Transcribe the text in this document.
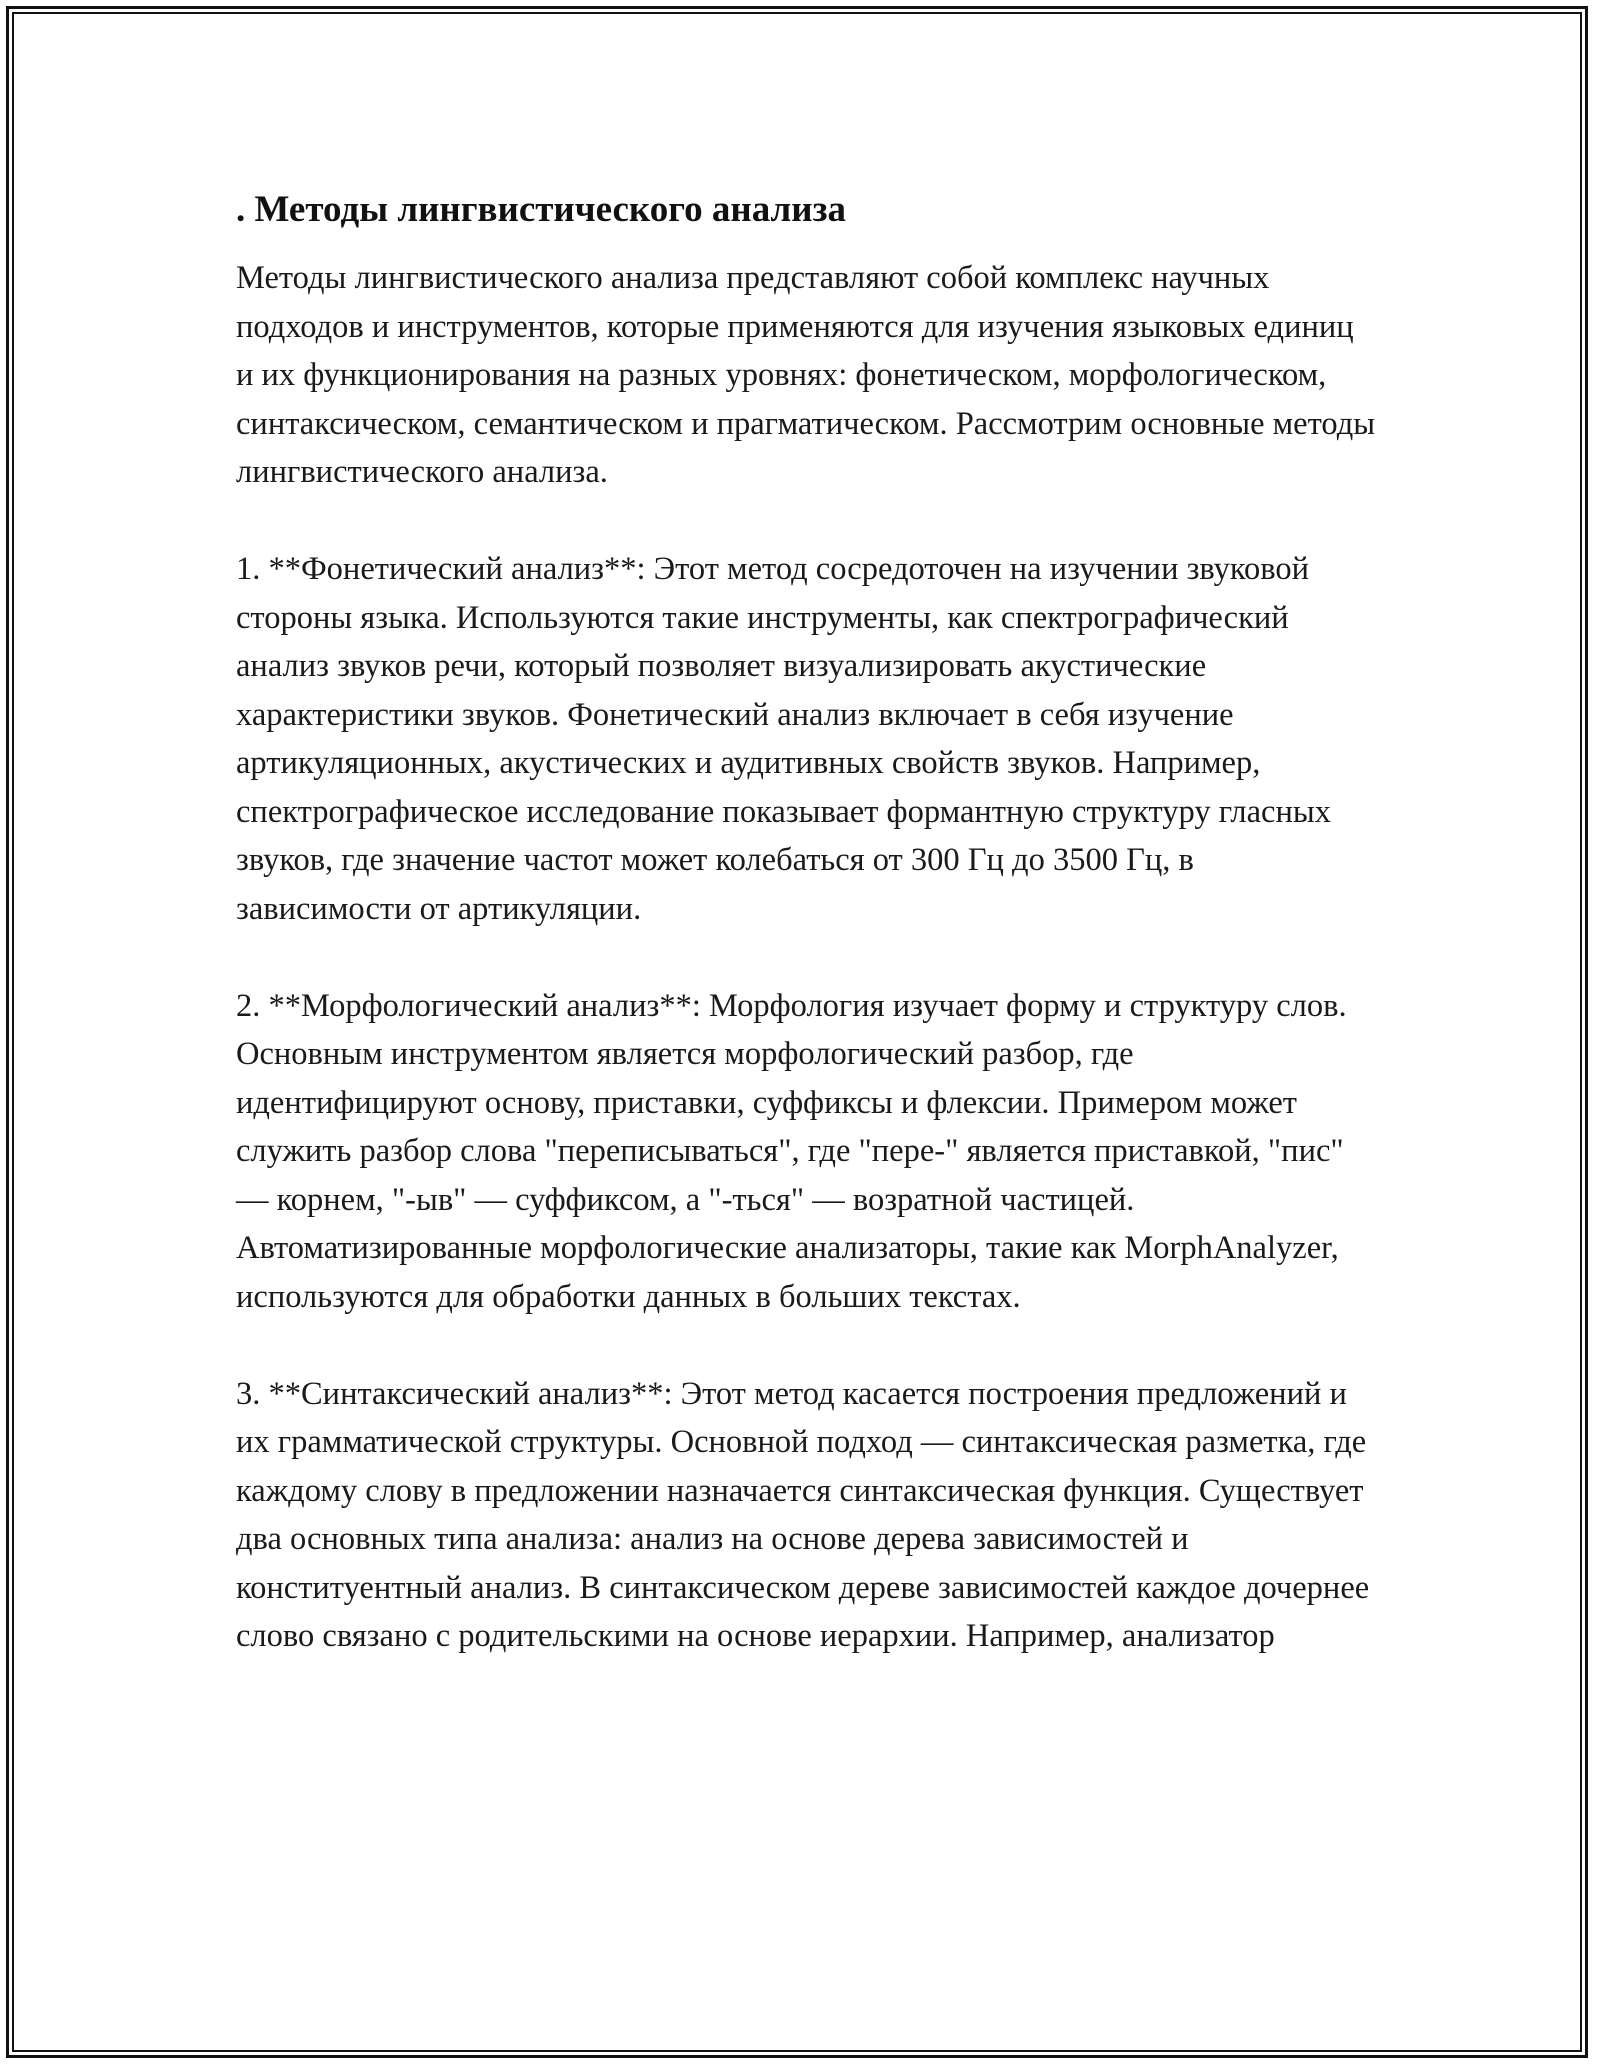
. Методы лингвистического анализа

Методы лингвистического анализа представляют собой комплекс научных подходов и инструментов, которые применяются для изучения языковых единиц и их функционирования на разных уровнях: фонетическом, морфологическом, синтаксическом, семантическом и прагматическом. Рассмотрим основные методы лингвистического анализа.

1. **Фонетический анализ**: Этот метод сосредоточен на изучении звуковой стороны языка. Используются такие инструменты, как спектрографический анализ звуков речи, который позволяет визуализировать акустические характеристики звуков. Фонетический анализ включает в себя изучение артикуляционных, акустических и аудитивных свойств звуков. Например, спектрографическое исследование показывает формантную структуру гласных звуков, где значение частот может колебаться от 300 Гц до 3500 Гц, в зависимости от артикуляции.

2. **Морфологический анализ**: Морфология изучает форму и структуру слов. Основным инструментом является морфологический разбор, где идентифицируют основу, приставки, суффиксы и флексии. Примером может служить разбор слова "переписываться", где "пере-" является приставкой, "пис" — корнем, "-ыв" — суффиксом, а "-ться" — возратной частицей. Автоматизированные морфологические анализаторы, такие как MorphAnalyzer, используются для обработки данных в больших текстах.

3. **Синтаксический анализ**: Этот метод касается построения предложений и их грамматической структуры. Основной подход — синтаксическая разметка, где каждому слову в предложении назначается синтаксическая функция. Существует два основных типа анализа: анализ на основе дерева зависимостей и конституентный анализ. В синтаксическом дереве зависимостей каждое дочернее слово связано с родительскими на основе иерархии. Например, анализатор
